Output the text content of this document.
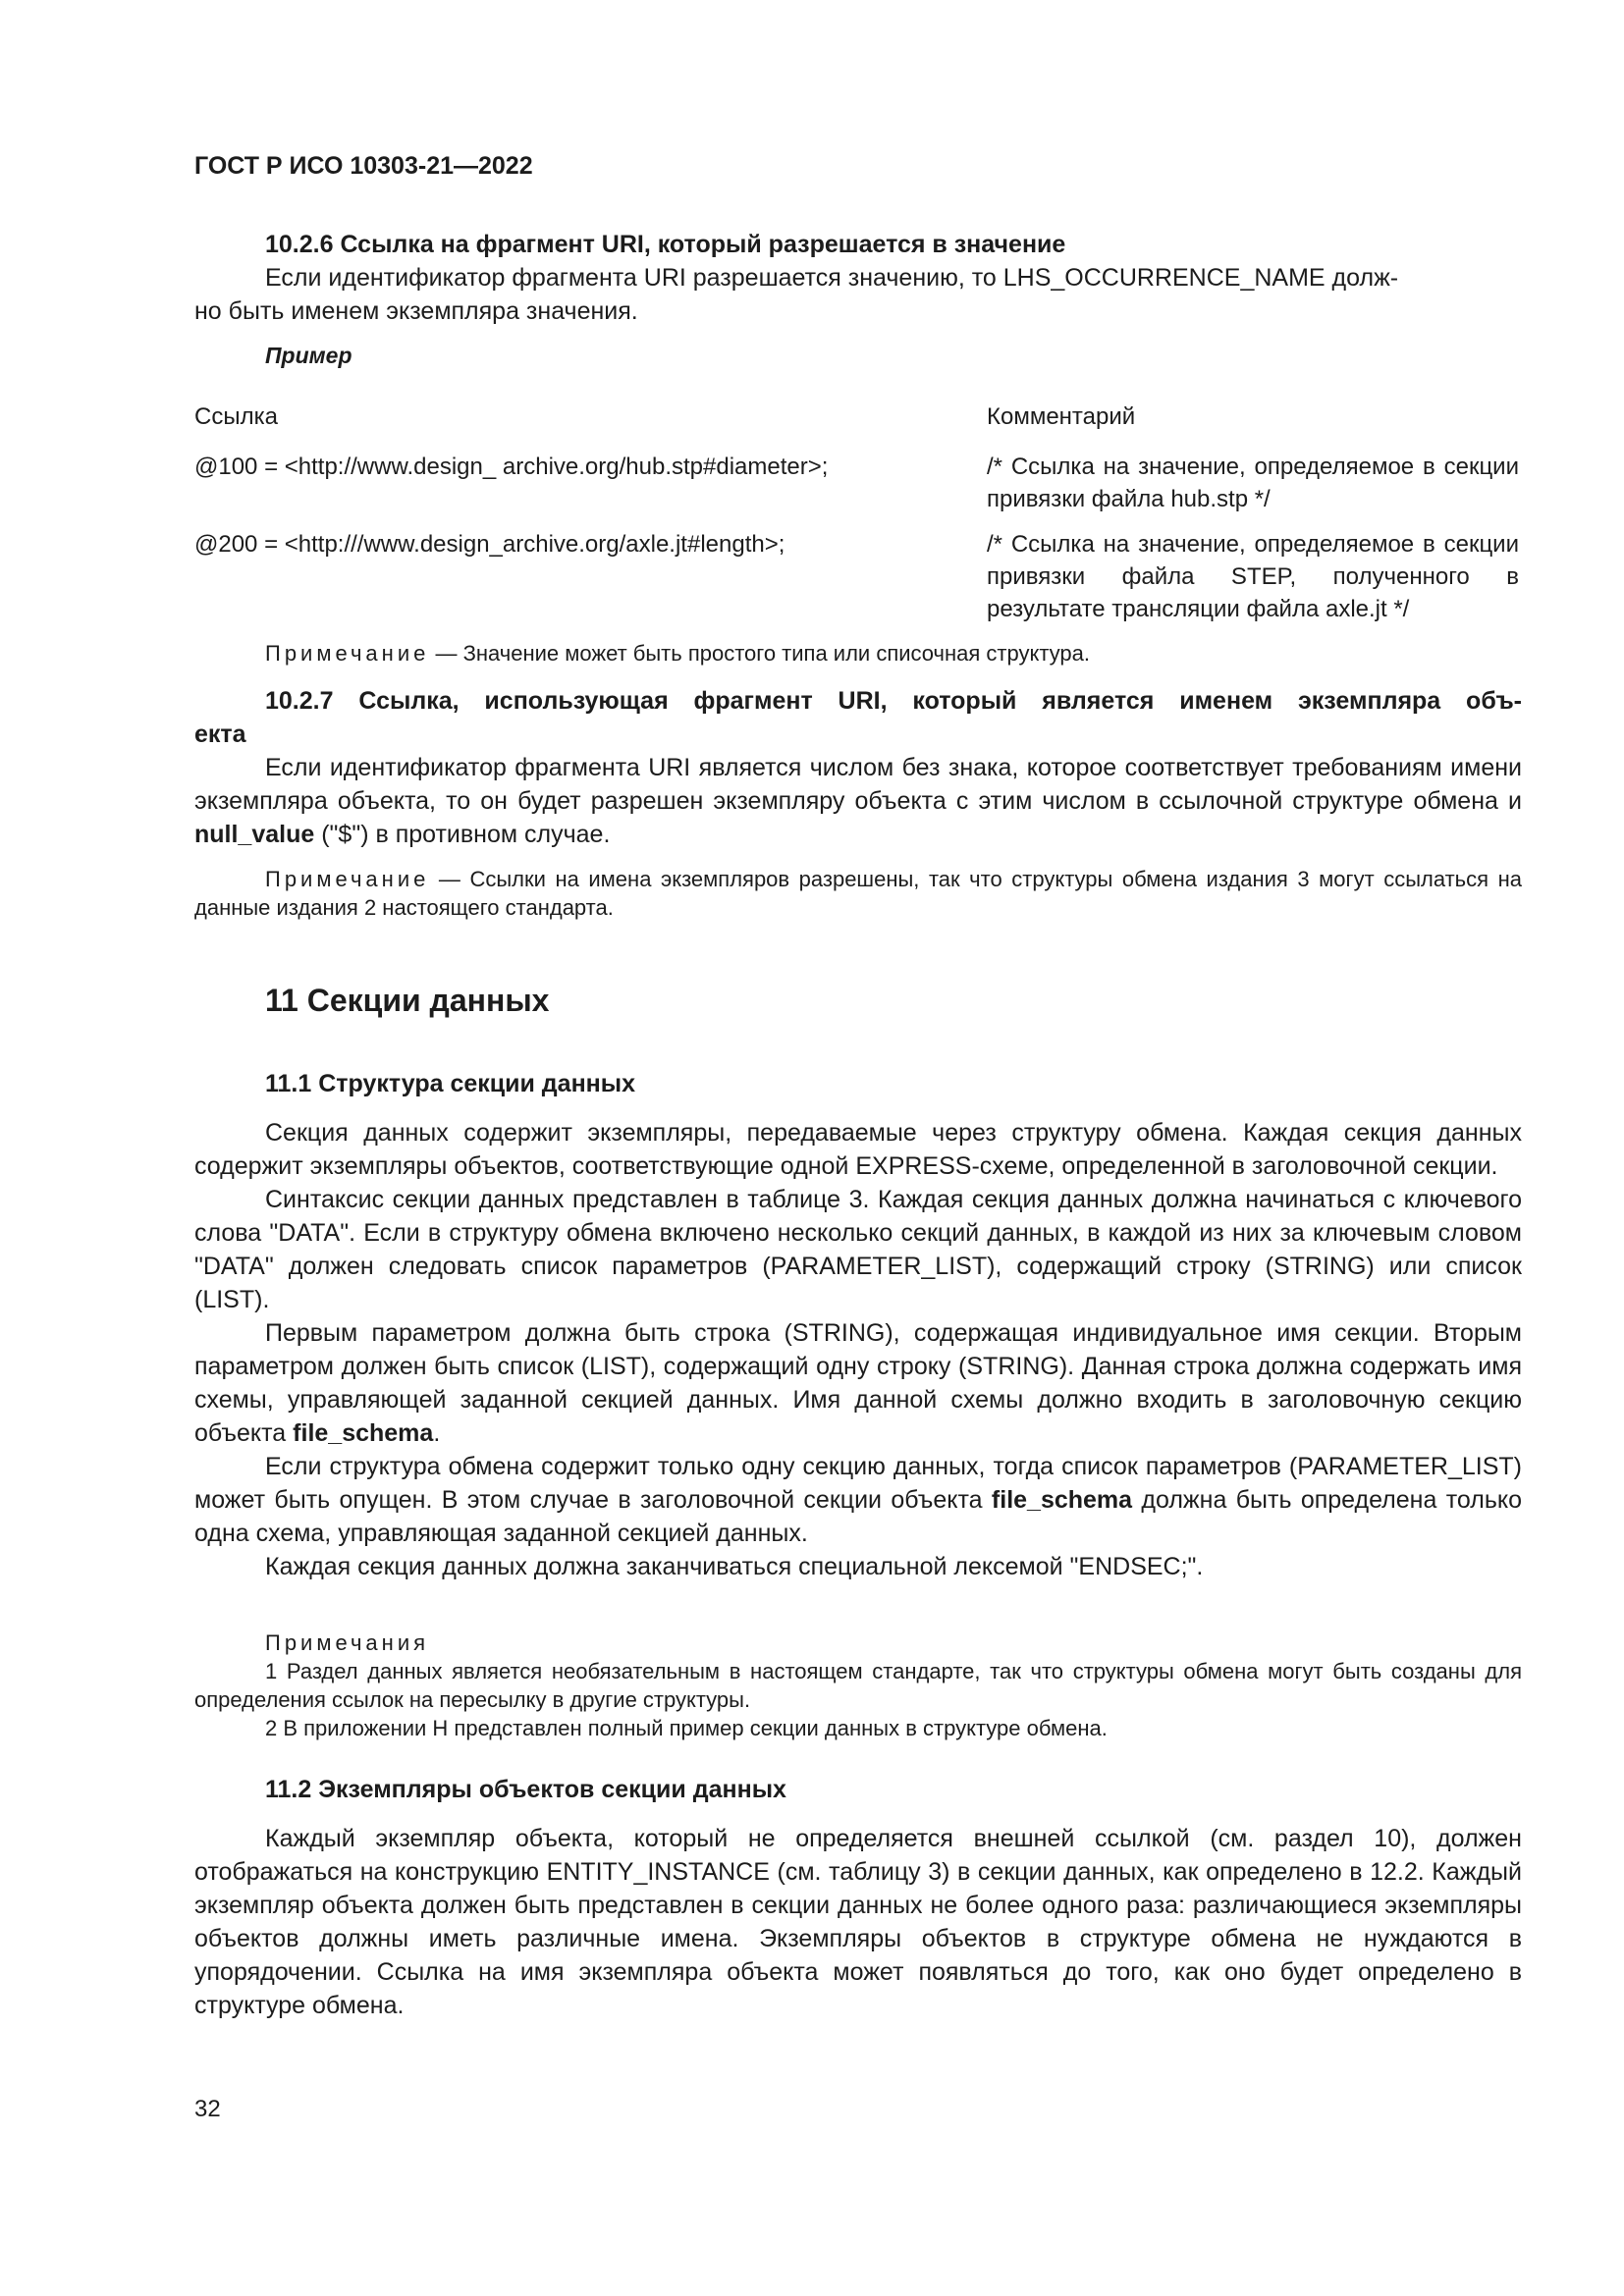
ГОСТ Р ИСО 10303-21—2022
10.2.6 Ссылка на фрагмент URI, который разрешается в значение
Если идентификатор фрагмента URI разрешается значению, то LHS_OCCURRENCE_NAME долж-
но быть именем экземпляра значения.
Пример
Ссылка	Комментарий
@100 = <http://www.design_ archive.org/hub.stp#diameter>;	/* Ссылка на значение, определяемое в секции привязки файла hub.stp */
@200 = <http:///www.design_archive.org/axle.jt#length>;	/* Ссылка на значение, определяемое в секции привязки файла STEP, полученного в результате трансляции файла axle.jt */
Примечание — Значение может быть простого типа или списочная структура.
10.2.7 Ссылка, использующая фрагмент URI, который является именем экземпляра объ-
екта

Если идентификатор фрагмента URI является числом без знака, которое соответствует требованиям имени экземпляра объекта, то он будет разрешен экземпляру объекта с этим числом в ссылочной структуре обмена и null_value ("$") в противном случае.

Примечание — Ссылки на имена экземпляров разрешены, так что структуры обмена издания 3 могут ссылаться на данные издания 2 настоящего стандарта.
11 Секции данных
11.1 Структура секции данных

Секция данных содержит экземпляры, передаваемые через структуру обмена. Каждая секция данных содержит экземпляры объектов, соответствующие одной EXPRESS-схеме, определенной в заголовочной секции.

Синтаксис секции данных представлен в таблице 3. Каждая секция данных должна начинаться с ключевого слова "DATA". Если в структуру обмена включено несколько секций данных, в каждой из них за ключевым словом "DATA" должен следовать список параметров (PARAMETER_LIST), содержащий строку (STRING) или список (LIST).

Первым параметром должна быть строка (STRING), содержащая индивидуальное имя секции. Вторым параметром должен быть список (LIST), содержащий одну строку (STRING). Данная строка должна содержать имя схемы, управляющей заданной секцией данных. Имя данной схемы должно входить в заголовочную секцию объекта file_schema.

Если структура обмена содержит только одну секцию данных, тогда список параметров (PARAMETER_LIST) может быть опущен. В этом случае в заголовочной секции объекта file_schema должна быть определена только одна схема, управляющая заданной секцией данных.

Каждая секция данных должна заканчиваться специальной лексемой "ENDSEC;".

Примечания
1 Раздел данных является необязательным в настоящем стандарте, так что структуры обмена могут быть созданы для определения ссылок на пересылку в другие структуры.
2 В приложении Н представлен полный пример секции данных в структуре обмена.
11.2 Экземпляры объектов секции данных

Каждый экземпляр объекта, который не определяется внешней ссылкой (см. раздел 10), должен отображаться на конструкцию ENTITY_INSTANCE (см. таблицу 3) в секции данных, как определено в 12.2. Каждый экземпляр объекта должен быть представлен в секции данных не более одного раза: различающиеся экземпляры объектов должны иметь различные имена. Экземпляры объектов в структуре обмена не нуждаются в упорядочении. Ссылка на имя экземпляра объекта может появляться до того, как оно будет определено в структуре обмена.

32
